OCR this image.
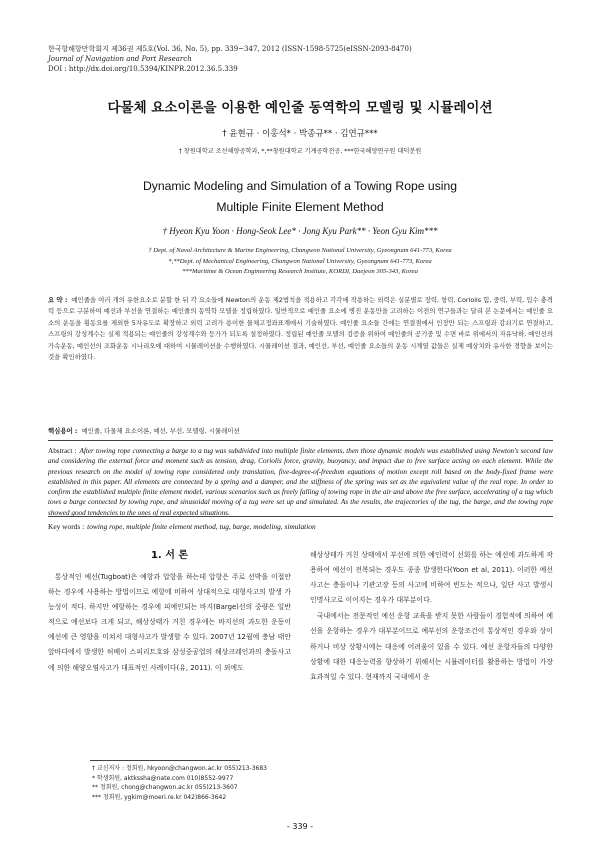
한국항해항만학회지 제36권 제5호(Vol. 36, No. 5), pp. 339~347, 2012 (ISSN-1598-5725(eISSN-2093-8470)
Journal of Navigation and Port Research
DOI : http://dx.doi.org/10.5394/KINPR.2012.36.5.339
다물체 요소이론을 이용한 예인줄 동역학의 모델링 및 시뮬레이션
† 윤현규 · 이홍석* · 박종규** · 김연규***
† 창원대학교 조선해양공학과, *,**창원대학교 기계공학전공, ***한국해양연구원 대덕분원
Dynamic Modeling and Simulation of a Towing Rope using
Multiple Finite Element Method
† Hyeon Kyu Yoon · Hong-Seok Lee* · Jong Kyu Park** · Yeon Gyu Kim***
† Dept. of Naval Architecture & Marine Engineering, Changwon National University, Gyeongnam 641-773, Korea
*,**Dept. of Mechanical Engineering, Changwon National University, Gyeongnam 641-773, Korea
***Maritime & Ocean Engineering Research Institute, KORDI, Daejeon 305-343, Korea
요 약 : 예인줄을 여러 개의 유한요소로 분할 한 뒤 각 요소들에 Newton의 운동 제2법칙을 적용하고 각각에 작용하는 외력은 실분별로 장력, 항력, Coriolis 힘, 중력, 부력, 입수 충격력 등으로 구분하여 예선과 부선을 연결하는 예인줄의 동역학 모델을 정립하였다. 일반적으로 예인줄 요소에 병진 운동만을 고려하는 이전의 연구들과는 달리 본 논문에서는 예인줄 요소의 운동을 횡동요를 제외한 5자유도로 확장하고 외력 고려가 용이한 물체고정좌표계에서 기술하였다. 예인줄 요소들 간에는 연결점에서 인장만 되는 스프링과 감쇠기로 연결하고, 스프링의 강성계수는 실제 적용되는 예인줄의 강성계수와 등가가 되도록 설정하였다. 정립된 예인줄 모델의 검증을 위하여 예인줄의 공기중 및 수면 바로 위에서의 자유낙하, 예인선의 가속운동, 예인선의 조화운동 시나리오에 대하여 시뮬레이션을 수행하였다. 시뮬레이션 결과, 예인선, 부선, 예인줄 요소들의 운동 시계열 값들은 실제 예상치와 유사한 경향을 보이는 것을 확인하였다.
핵심용어 : 예인줄, 다물체 요소이론, 예선, 부선, 모델링, 시뮬레이션
Abstract : After towing rope connecting a barge to a tug was subdivided into multiple finite elements, then those dynamic models was established using Newton's second law and considering the external force and moment such as tension, drag, Coriolis force, gravity, buoyancy, and impact due to free surface acting on each element. While the previous research on the model of towing rope considered only translation, five-degree-of-freedom equations of motion except roll based on the body-fixed frame were established in this paper. All elements are connected by a spring and a damper, and the stiffness of the spring was set as the equivalent value of the real rope. In order to confirm the established multiple finite element model, various scenarios such as freely falling of towing rope in the air and above the free surface, accelerating of a tug which tows a barge connected by towing rope, and sinusoidal moving of a tug were set up and simulated. As the results, the trajectories of the tug, the barge, and the towing rope showed good tendencies to the ones of real expected situations.
Key words : towing rope, multiple finite element method, tug, barge, modeling, simulation
1. 서 론

통상적인 예선(Tugboat)은 예항과 압항을 하는데 압항은 주로 선박을 이접안 하는 경우에 사용하는 방법이므로 예항에 비하여 상대적으로 대형사고의 발생 가능성이 적다. 하지만 예항하는 경우에 피예인되는 바지(Barge)선의 중량은 일반적으로 예선보다 크게 되고, 해상상태가 거친 경우에는 바지선의 과도한 운동이 예선에 큰 영향을 미쳐서 대형사고가 발생할 수 있다. 2007년 12월에 충남 태안 앞바다에서 발생한 허베이 스피리트호와 삼성중공업의 해상크레인과의 충돌사고에 의한 해양오염사고가 대표적인 사례이다(유, 2011). 이 외에도

해상상태가 거친 상태에서 부선에 의한 예인력이 선회를 하는 예선에 과도하게 작용하여 예선이 전복되는 경우도 종종 발생한다(Yoon et al, 2011). 이러한 예선 사고는 충돌이나 기관고장 등의 사고에 비하여 빈도는 적으나, 일단 사고 발생시 인명사고로 이어지는 경우가 대부분이다.

국내에서는 전문적인 예선 운항 교육을 받지 못한 사람들이 경험적에 의하여 예선을 운항하는 경우가 대부분이므로 예부선의 운항조건이 통상적인 경우와 상이하거나 비상 상황시에는 대응에 어려움이 있을 수 있다. 예선 운항자들의 다양한 상황에 대한 대응능력을 향상하기 위해서는 시뮬레이터를 활용하는 방법이 가장 효과적일 수 있다. 현재까지 국내에서 운

† 교신저자 : 정회원, hkyoon@changwon.ac.kr 055)213-3683
* 학생회원, aktkssha@nate.com 010)8552-9977
** 정회원, chong@changwon.ac.kr 055)213-3607
*** 정회원, ygkim@moeri.re.kr 042)866-3642
- 339 -
